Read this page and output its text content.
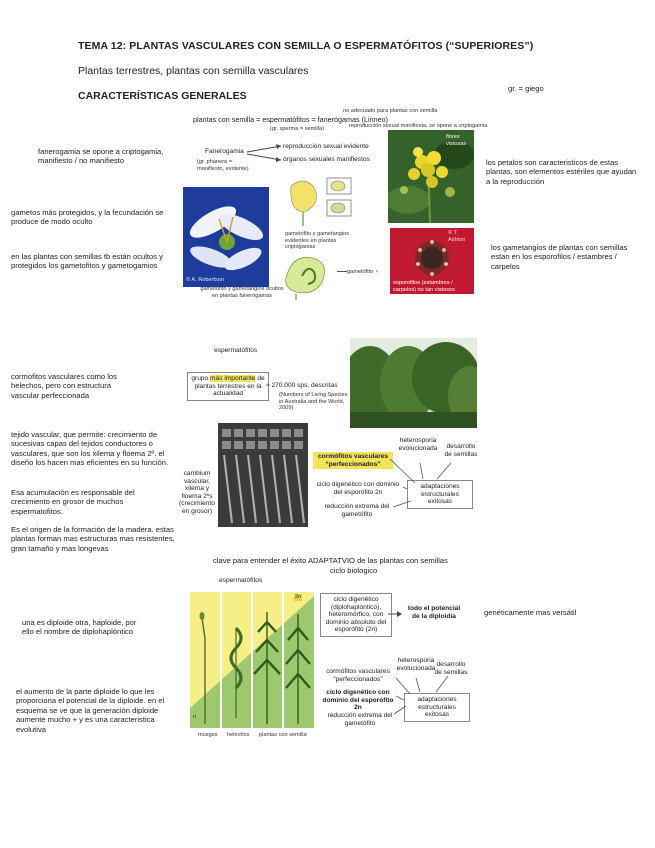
TEMA 12: PLANTAS VASCULARES CON SEMILLA O ESPERMATÓFITOS (“SUPERIORES”)
Plantas terrestres, plantas con semilla vasculares
CARACTERÍSTICAS GENERALES
gr. = giego
no adecuado para plantas con semilla
plantas con semilla = espermatófitos = fanerógamas (Linneo)
(gr. sperma = semilla)	reproducción sexual manifiesta, se opone a criptogamia
Fanerogamia
(gr. phanera = manifiesto, evidente)
reproducción sexual evidente
órganos sexuales manifiestos
flores vistosas
© A. Robertson
gametófito y gametangios evidentes en plantas criptógamas
gametófito ♀
gametófito y gametangios ocultos en plantas fanerógamas
© T. Ashton
esporofilos (estambres / carpelos) no tan vistosos
fanerogamia se opone a criptogamia, manifiesto / no manifiesto
gametos más protegidos, y la fecundación se produce de modo oculto
en las plantas con semillas tb están ocultos y protegidos los gametofitos y gametogamios
los petalos son caracteristicos de estas plantas, son elementos estériles que ayudan a la reproducción
los gametangios de plantas con semillas estan en los esporofilos / estambres / carpelos
espermatófitos
grupo más importante de plantas terrestres en la actualidad
≈ 270.000 sps. descritas
(Numbers of Living Species in Australia and the World, 2009)
cambium vascular, xilema y floema 2ºs (crecimiento en grosor)
cormófitos vasculares “perfeccionados”
heterosporia evolucionada	desarrollo de semillas
ciclo digenético con dominio del esporófito 2n
adaptaciones estructurales exitosas
reducción extrema del gametófito
cormofitos vasculares como los helechos, pero con estructura vascular perfeccionada
tejido vascular, que permite: crecimiento de sucesivas capas del tejidos conductores o vasculares, que son los xilema y floema 2º. el diseño los hacen mas eficientes en su función.
Esa acumulación es responsable del crecimiento en grosor de muchos espermatofitos.
Es el origen de la formación de la madera. estas plantas forman mas estructuras mas resistentes, gran tamaño y mas longevas
clave para entender el éxito ADAPTATVIO de las plantas con semillas
ciclo biologico
espermatófitos
2n
n
musgos helechos plantas con semilla
ciclo digenético (diplohaplóntico), heteromórfico, con dominio absoluto del esporófito (2n)
todo el potencial de la diploidía
heterosporia evolucionada
desarrollo de semillas
cormófitos vasculares “perfeccionados”
ciclo digenético con dominio del esporófito 2n
adaptaciones estructurales exitosas
reducción extrema del gametófito
una es diploide otra, haploide, por ello el nombre de diplohaplóntico
el aumento de la parte diploide lo que les proporciona el potencial de la diploide. en el esquema se ve que la generación diploide aumente mucho + y es una caracteristica evolutiva
genéticamente mas versátil
